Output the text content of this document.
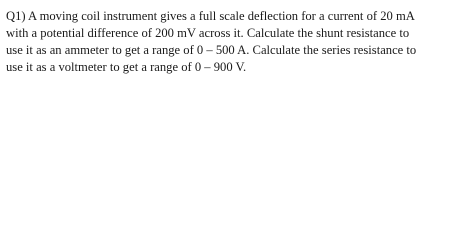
Q1) A moving coil instrument gives a full scale deflection for a current of 20 mA
with a potential difference of 200 mV across it. Calculate the shunt resistance to
use it as an ammeter to get a range of 0 – 500 A. Calculate the series resistance to
use it as a voltmeter to get a range of 0 – 900 V.
